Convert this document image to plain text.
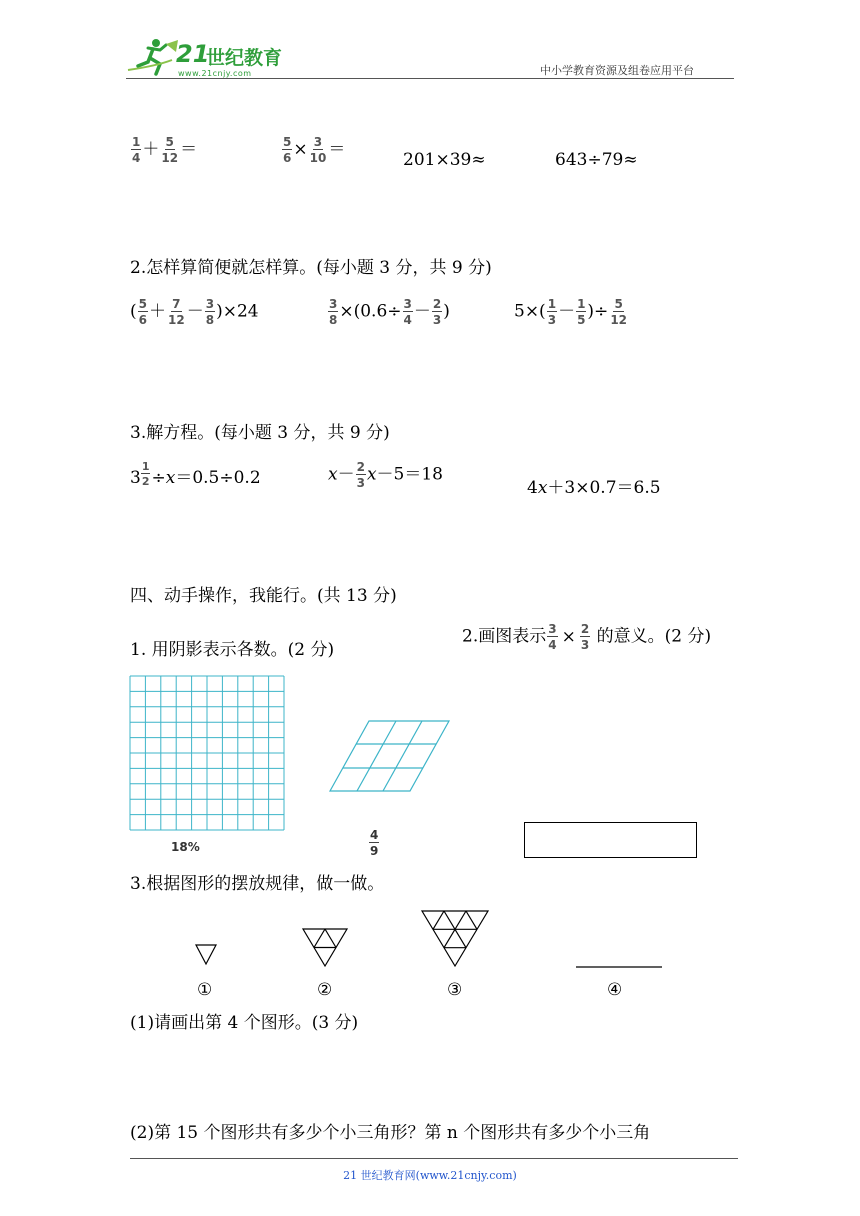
21
世纪教育
www.21cnjy.com	中小学教育资源及组卷应用平台
$\frac{1}{4} + \frac{5}{12}$ ＝	$\frac{5}{6} \times \frac{3}{10}$ ＝
201×39≈	643÷79≈
2.怎样算简便就怎样算。(每小题 3 分，共 9 分)
( $\frac{5}{6} + \frac{7}{12} - \frac{3}{8} )\times 24$	$\frac{3}{8} \times(0.6\div \frac{3}{4} - \frac{2}{3}$ )	$5\times( \frac{1}{3} - \frac{1}{5}$ )÷ $\frac{5}{12}$
3.解方程。(每小题 3 分，共 9 分)
3
1
2 ÷x＝0.5÷0.2	$x- \frac{2}{3} x-5=18$
4x＋3×0.7＝6.5
四、动手操作，我能行。(共 13 分)
1. 用阴影表示各数。(2 分)
2.画图表示 $\frac{3}{4} \times \frac{2}{3}$ 的意义。(2 分)
18%	$\frac{4}{9}$
3.根据图形的摆放规律，做一做。
①	②	③	④
(1)请画出第 4 个图形。(3 分)
(2)第 15 个图形共有多少个小三角形？第 n 个图形共有多少个小三角
21 世纪教育网(www.21cnjy.com)
